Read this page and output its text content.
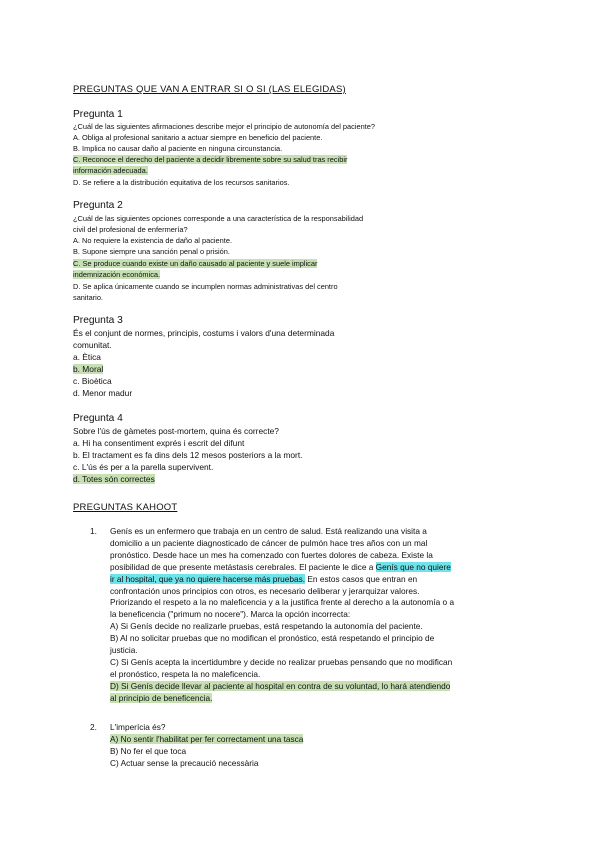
PREGUNTAS QUE VAN A ENTRAR SI O SI (LAS ELEGIDAS)
Pregunta 1
¿Cuál de las siguientes afirmaciones describe mejor el principio de autonomía del paciente?
A. Obliga al profesional sanitario a actuar siempre en beneficio del paciente.
B. Implica no causar daño al paciente en ninguna circunstancia.
C. Reconoce el derecho del paciente a decidir libremente sobre su salud tras recibir
información adecuada.
D. Se refiere a la distribución equitativa de los recursos sanitarios.
Pregunta 2
¿Cuál de las siguientes opciones corresponde a una característica de la responsabilidad
civil del profesional de enfermería?
A. No requiere la existencia de daño al paciente.
B. Supone siempre una sanción penal o prisión.
C. Se produce cuando existe un daño causado al paciente y suele implicar
indemnización económica.
D. Se aplica únicamente cuando se incumplen normas administrativas del centro
sanitario.
Pregunta 3
És el conjunt de normes, principis, costums i valors d'una determinada
comunitat.
a. Ètica
b. Moral
c. Bioètica
d. Menor madur
Pregunta 4
Sobre l'ús de gàmetes post-mortem, quina és correcte?
a. Hi ha consentiment exprés i escrit del difunt
b. El tractament es fa dins dels 12 mesos posteriors a la mort.
c. L'ús és per a la parella supervivent.
d. Totes són correctes
PREGUNTAS KAHOOT
1. Genís es un enfermero que trabaja en un centro de salud. Está realizando una visita a
domicilio a un paciente diagnosticado de cáncer de pulmón hace tres años con un mal
pronóstico. Desde hace un mes ha comenzado con fuertes dolores de cabeza. Existe la
posibilidad de que presente metástasis cerebrales. El paciente le dice a Genís que no quiere
ir al hospital, que ya no quiere hacerse más pruebas. En estos casos que entran en
confrontación unos principios con otros, es necesario deliberar y jerarquizar valores.
Priorizando el respeto a la no maleficencia y a la justifica frente al derecho a la autonomía o a
la beneficencia ("primum no nocere"). Marca la opción incorrecta:
A) Si Genís decide no realizarle pruebas, está respetando la autonomía del paciente.
B) Al no solicitar pruebas que no modifican el pronóstico, está respetando el principio de
justicia.
C) Si Genís acepta la incertidumbre y decide no realizar pruebas pensando que no modifican
el pronóstico, respeta la no maleficencia.
D) Si Genís decide llevar al paciente al hospital en contra de su voluntad, lo hará atendiendo
al principio de beneficencia.
2. L'imperícia és?
A) No sentir l'habilitat per fer correctament una tasca
B) No fer el que toca
C) Actuar sense la precaució necessària
